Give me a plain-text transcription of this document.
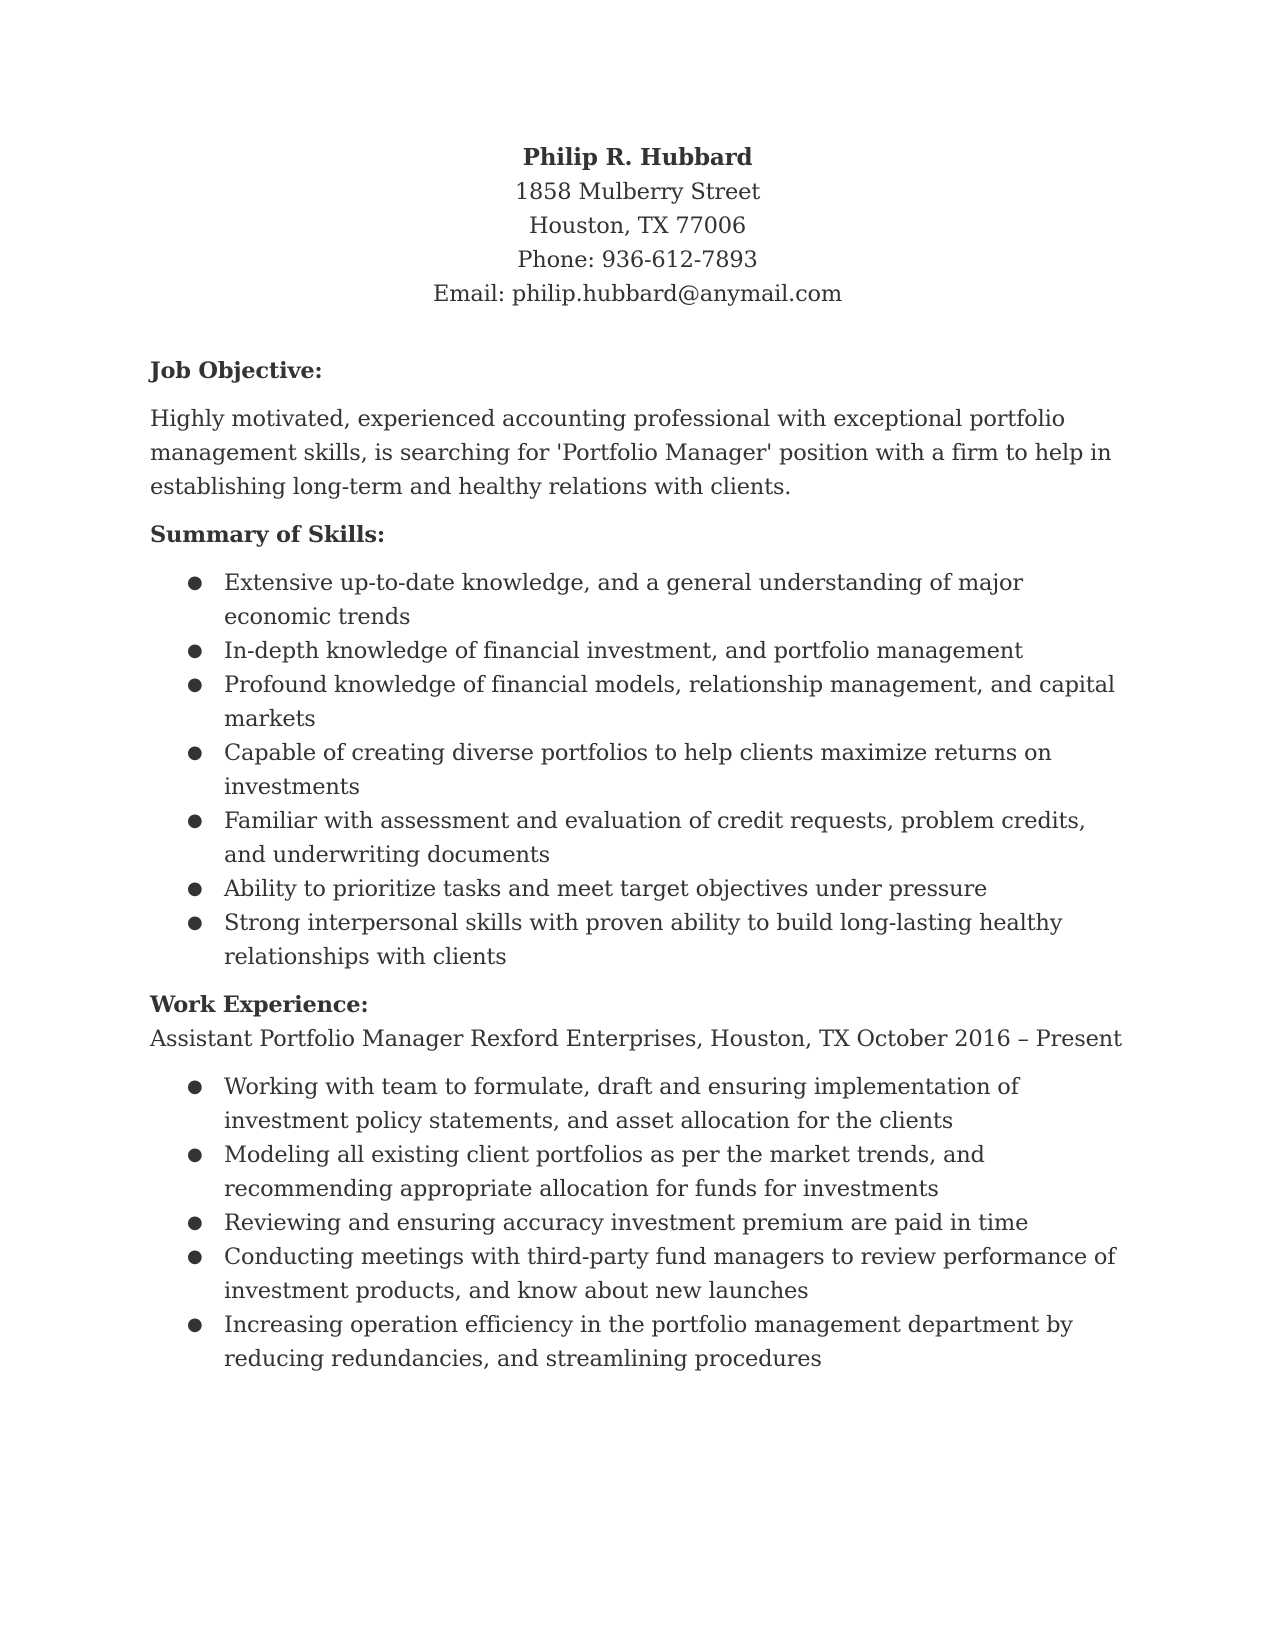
Philip R. Hubbard
1858 Mulberry Street
Houston, TX 77006
Phone: 936-612-7893
Email: philip.hubbard@anymail.com
Job Objective:
Highly motivated, experienced accounting professional with exceptional portfolio management skills, is searching for 'Portfolio Manager' position with a firm to help in establishing long-term and healthy relations with clients.
Summary of Skills:
● Extensive up-to-date knowledge, and a general understanding of major economic trends
● In-depth knowledge of financial investment, and portfolio management
● Profound knowledge of financial models, relationship management, and capital markets
● Capable of creating diverse portfolios to help clients maximize returns on investments
● Familiar with assessment and evaluation of credit requests, problem credits, and underwriting documents
● Ability to prioritize tasks and meet target objectives under pressure
● Strong interpersonal skills with proven ability to build long-lasting healthy relationships with clients
Work Experience:
Assistant Portfolio Manager Rexford Enterprises, Houston, TX October 2016 – Present
● Working with team to formulate, draft and ensuring implementation of investment policy statements, and asset allocation for the clients
● Modeling all existing client portfolios as per the market trends, and recommending appropriate allocation for funds for investments
● Reviewing and ensuring accuracy investment premium are paid in time
● Conducting meetings with third-party fund managers to review performance of investment products, and know about new launches
● Increasing operation efficiency in the portfolio management department by reducing redundancies, and streamlining procedures
